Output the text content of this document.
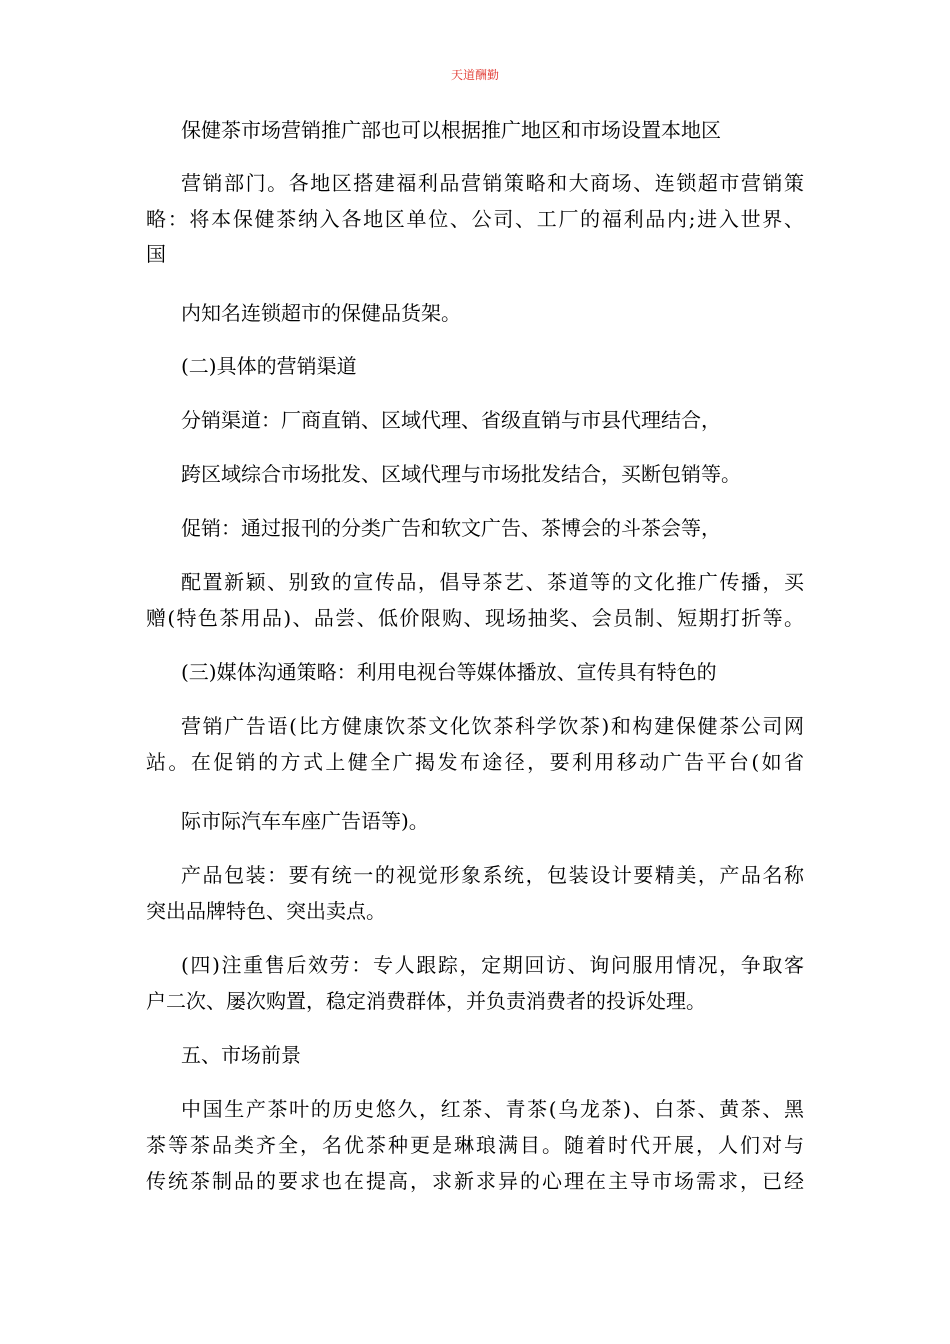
天道酬勤
保健茶市场营销推广部也可以根据推广地区和市场设置本地区
营销部门。各地区搭建福利品营销策略和大商场、连锁超市营销策
略：将本保健茶纳入各地区单位、公司、工厂的福利品内;进入世界、
国
内知名连锁超市的保健品货架。
(二)具体的营销渠道
分销渠道：厂商直销、区域代理、省级直销与市县代理结合，
跨区域综合市场批发、区域代理与市场批发结合，买断包销等。
促销：通过报刊的分类广告和软文广告、茶博会的斗茶会等，
配置新颖、别致的宣传品，倡导茶艺、茶道等的文化推广传播，买
赠(特色茶用品)、品尝、低价限购、现场抽奖、会员制、短期打折等。
(三)媒体沟通策略：利用电视台等媒体播放、宣传具有特色的
营销广告语(比方健康饮茶文化饮茶科学饮茶)和构建保健茶公司网
站。在促销的方式上健全广揭发布途径，要利用移动广告平台(如省
际市际汽车车座广告语等)。
产品包装：要有统一的视觉形象系统，包装设计要精美，产品名称
突出品牌特色、突出卖点。
(四)注重售后效劳：专人跟踪，定期回访、询问服用情况，争取客
户二次、屡次购置，稳定消费群体，并负责消费者的投诉处理。
五、市场前景
中国生产茶叶的历史悠久，红茶、青茶(乌龙茶)、白茶、黄茶、黑
茶等茶品类齐全，名优茶种更是琳琅满目。随着时代开展，人们对与
传统茶制品的要求也在提高，求新求异的心理在主导市场需求，已经
